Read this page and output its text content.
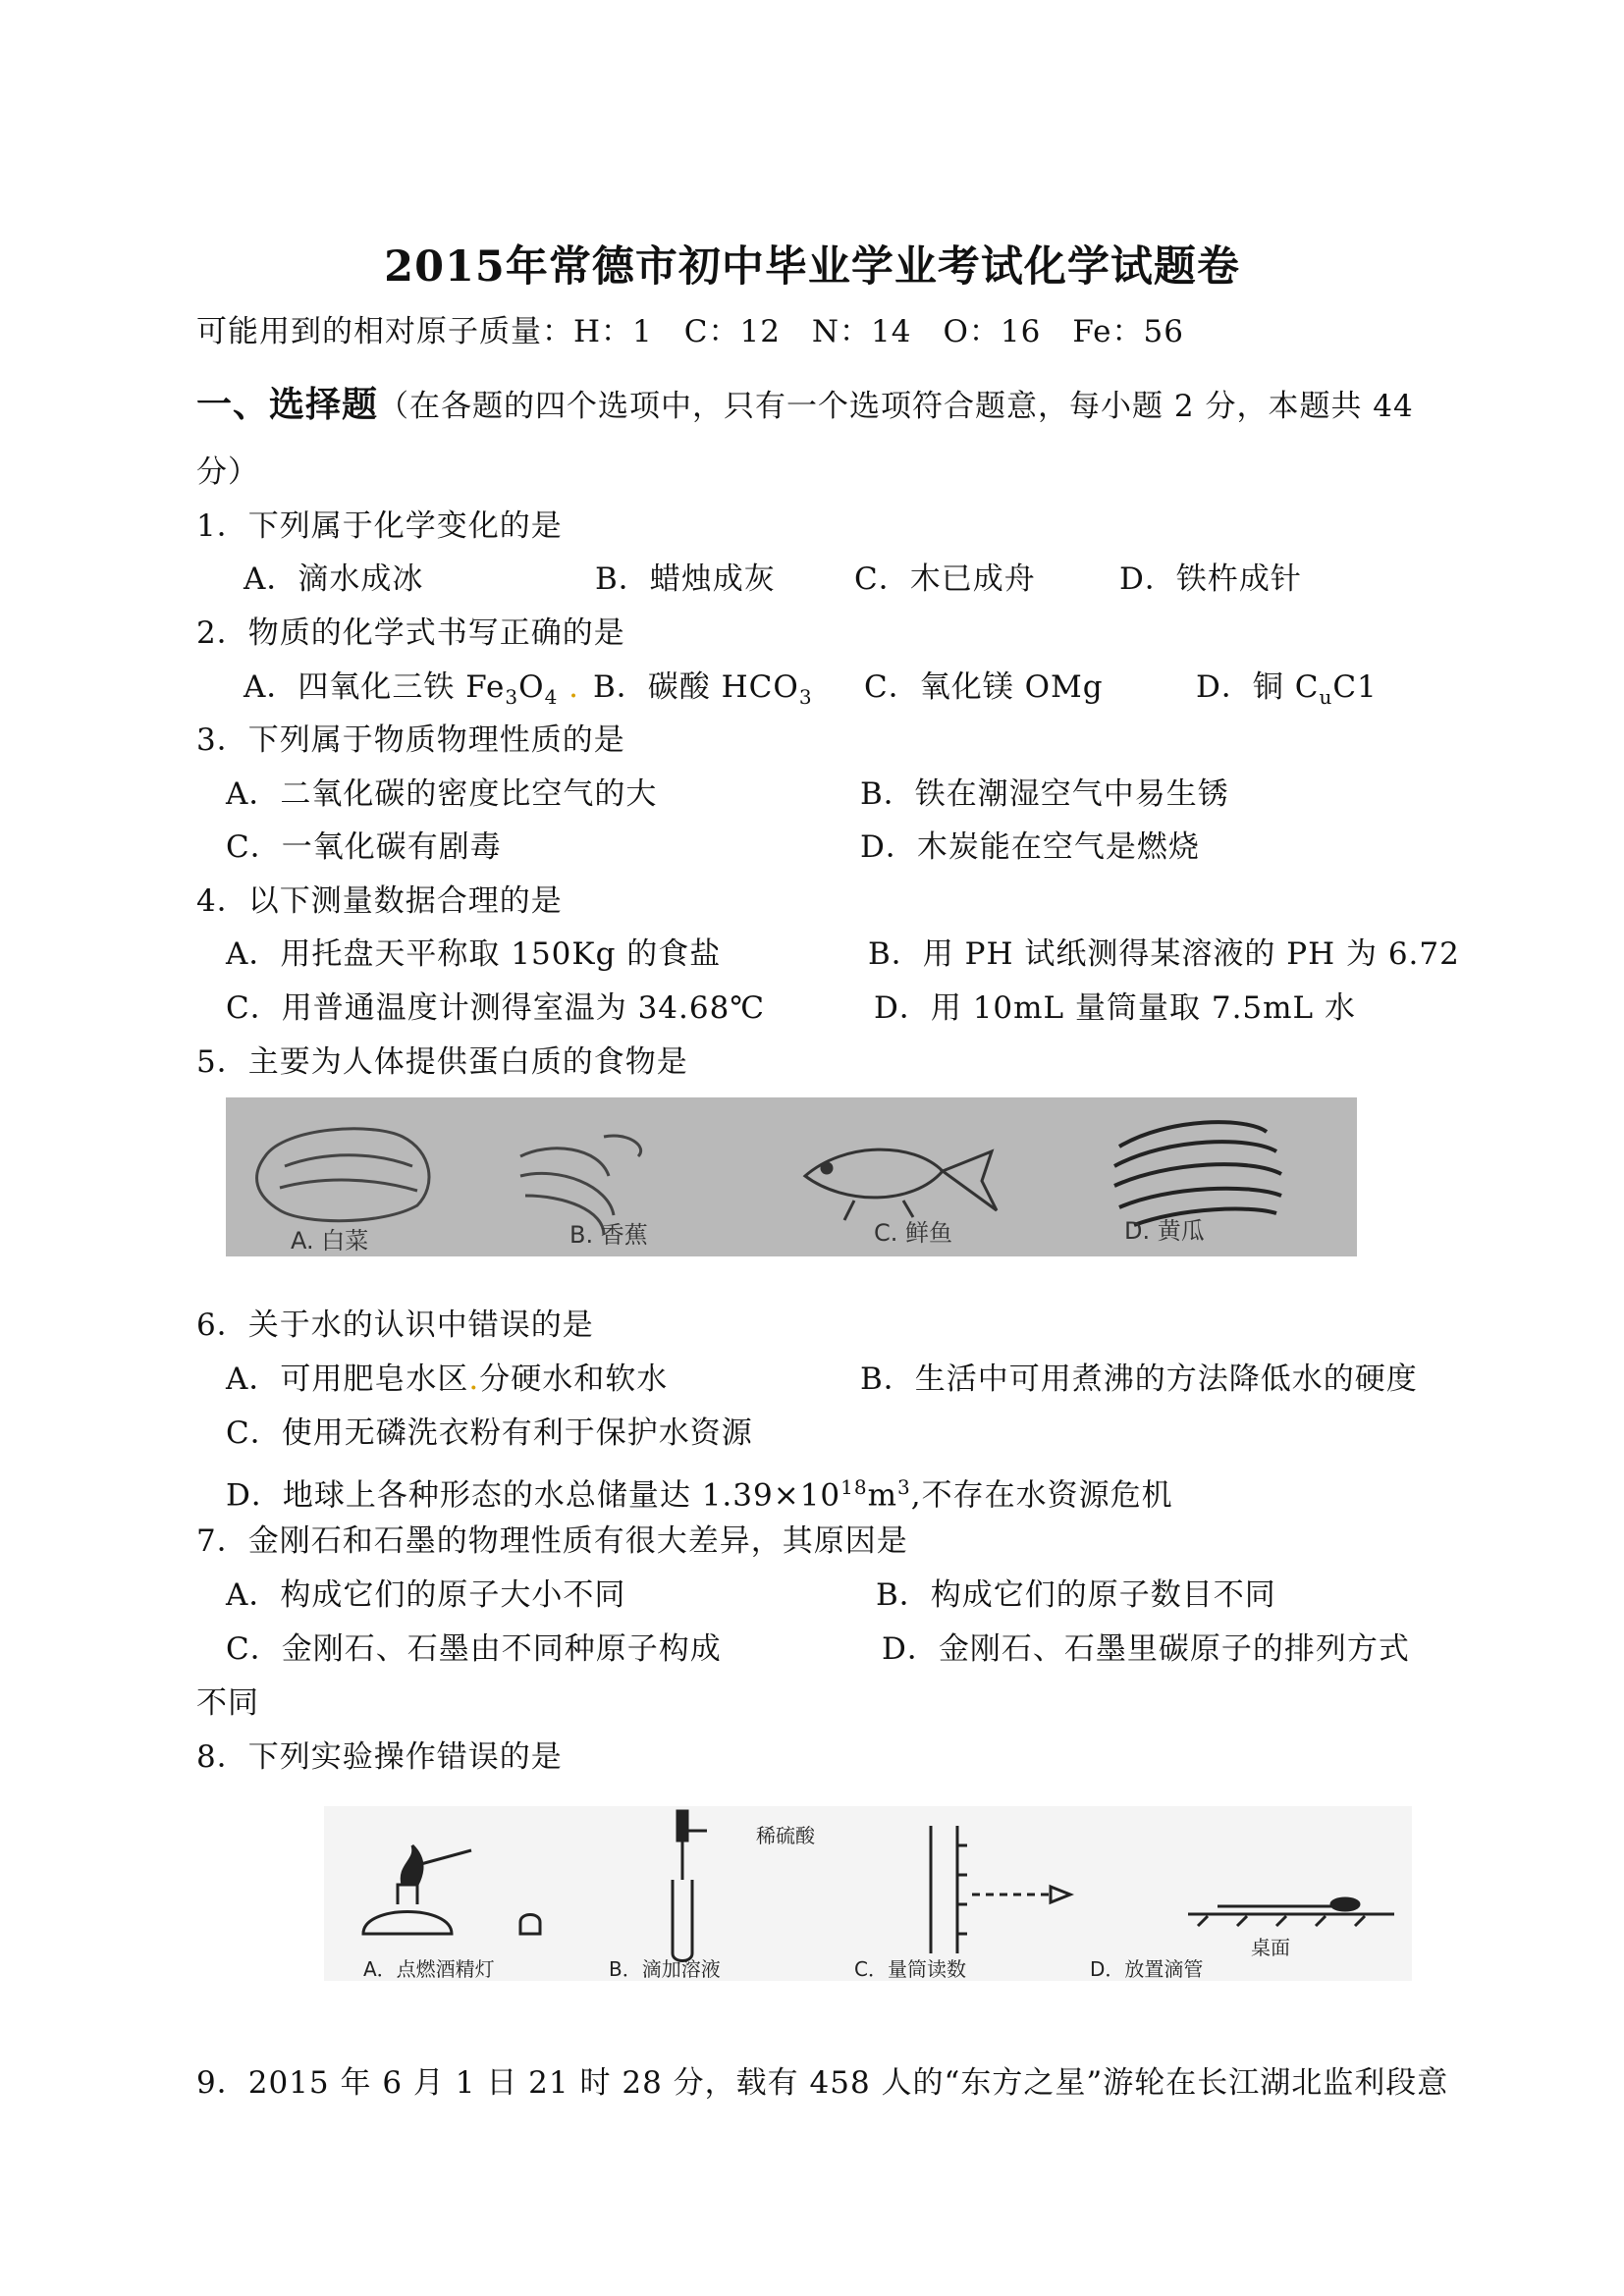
2015年常德市初中毕业学业考试化学试题卷
可能用到的相对原子质量：H：1　C：12　N：14　O：16　Fe：56
一、选择题（在各题的四个选项中，只有一个选项符合题意，每小题 2 分，本题共 44
分）
1．下列属于化学变化的是
A．滴水成冰	B．蜡烛成灰	C．木已成舟	D．铁杵成针
2．物质的化学式书写正确的是
A．四氧化三铁 $Fe_3O_4$ . B．碳酸 $HCO_3$ C．氧化镁 OMg	D．铜 $C_uC1$
3．下列属于物质物理性质的是
A．二氧化碳的密度比空气的大	B．铁在潮湿空气中易生锈
C．一氧化碳有剧毒	D．木炭能在空气是燃烧
4．以下测量数据合理的是
A．用托盘天平称取 150Kg 的食盐	B．用 PH 试纸测得某溶液的 PH 为 6.72
C．用普通温度计测得室温为 34.68℃	D．用 10mL 量筒量取 7.5mL 水
5．主要为人体提供蛋白质的食物是
A. 白菜	B. 香蕉	C. 鲜鱼	D. 黄瓜
6．关于水的认识中错误的是
A．可用肥皂水区.分硬水和软水	B．生活中可用煮沸的方法降低水的硬度
C．使用无磷洗衣粉有利于保护水资源
D．地球上各种形态的水总储量达 $1.39\times 10^{18}m^3$,不存在水资源危机
7．金刚石和石墨的物理性质有很大差异，其原因是
A．构成它们的原子大小不同	B．构成它们的原子数目不同
C．金刚石、石墨由不同种原子构成	D．金刚石、石墨里碳原子的排列方式
不同
8．下列实验操作错误的是
稀硫酸
桌面
A．点燃酒精灯	B．滴加溶液	C．量筒读数	D．放置滴管
9．2015 年 6 月 1 日 21 时 28 分，载有 458 人的“东方之星”游轮在长江湖北监利段意
